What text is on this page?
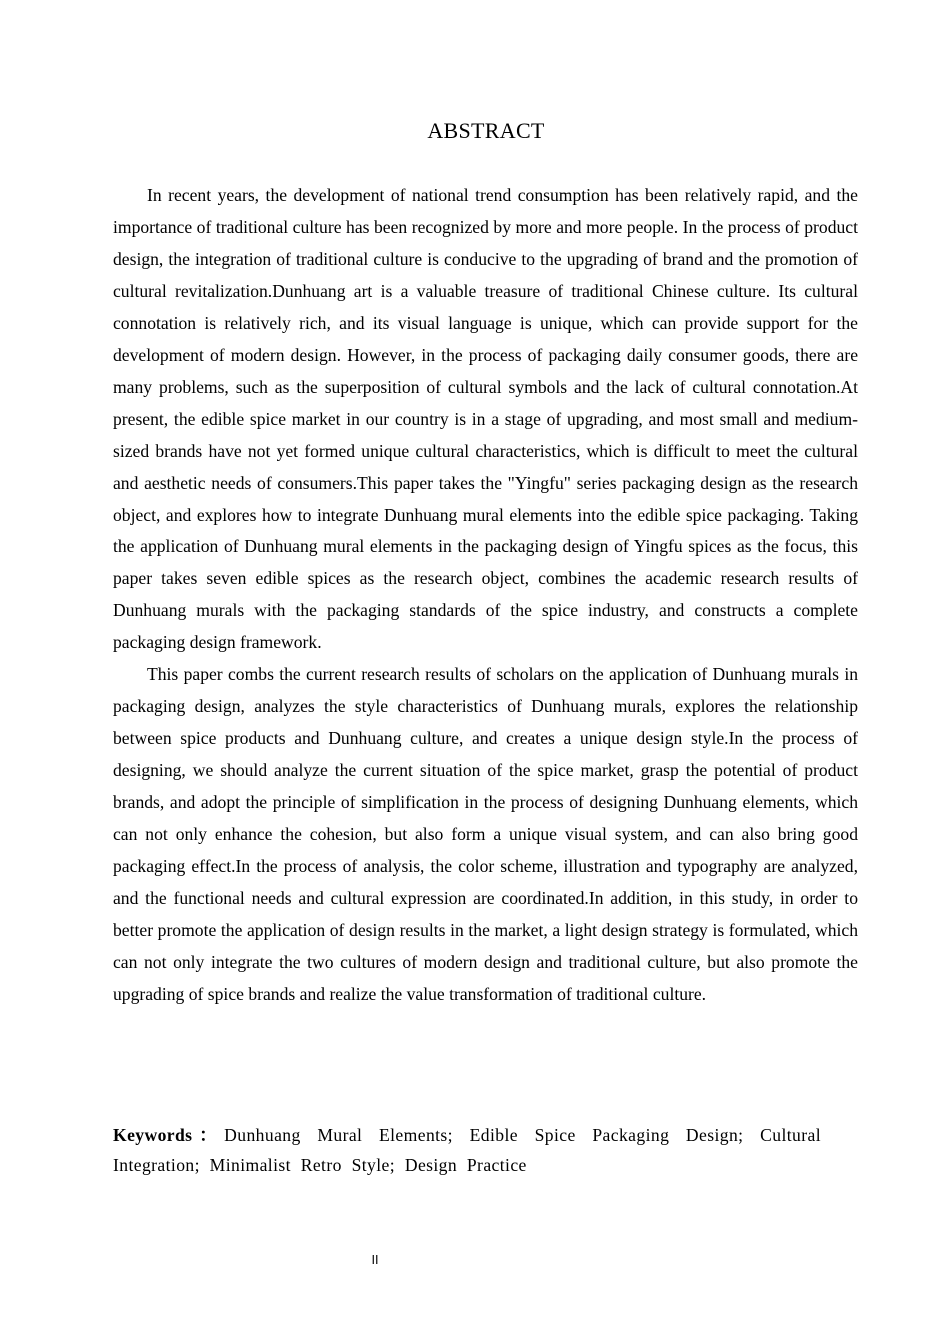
ABSTRACT

In recent years, the development of national trend consumption has been relatively rapid, and the importance of traditional culture has been recognized by more and more people. In the process of product design, the integration of traditional culture is conducive to the upgrading of brand and the promotion of cultural revitalization.Dunhuang art is a valuable treasure of traditional Chinese culture. Its cultural connotation is relatively rich, and its visual language is unique, which can provide support for the development of modern design. However, in the process of packaging daily consumer goods, there are many problems, such as the superposition of cultural symbols and the lack of cultural connotation.At present, the edible spice market in our country is in a stage of upgrading, and most small and medium-sized brands have not yet formed unique cultural characteristics, which is difficult to meet the cultural and aesthetic needs of consumers.This paper takes the "Yingfu" series packaging design as the research object, and explores how to integrate Dunhuang mural elements into the edible spice packaging. Taking the application of Dunhuang mural elements in the packaging design of Yingfu spices as the focus, this paper takes seven edible spices as the research object, combines the academic research results of Dunhuang murals with the packaging standards of the spice industry, and constructs a complete packaging design framework.

This paper combs the current research results of scholars on the application of Dunhuang murals in packaging design, analyzes the style characteristics of Dunhuang murals, explores the relationship between spice products and Dunhuang culture, and creates a unique design style.In the process of designing, we should analyze the current situation of the spice market, grasp the potential of product brands, and adopt the principle of simplification in the process of designing Dunhuang elements, which can not only enhance the cohesion, but also form a unique visual system, and can also bring good packaging effect.In the process of analysis, the color scheme, illustration and typography are analyzed, and the functional needs and cultural expression are coordinated.In addition, in this study, in order to better promote the application of design results in the market, a light design strategy is formulated, which can not only integrate the two cultures of modern design and traditional culture, but also promote the upgrading of spice brands and realize the value transformation of traditional culture.

Keywords：Dunhuang Mural Elements; Edible Spice Packaging Design; Cultural Integration; Minimalist Retro Style; Design Practice
II
